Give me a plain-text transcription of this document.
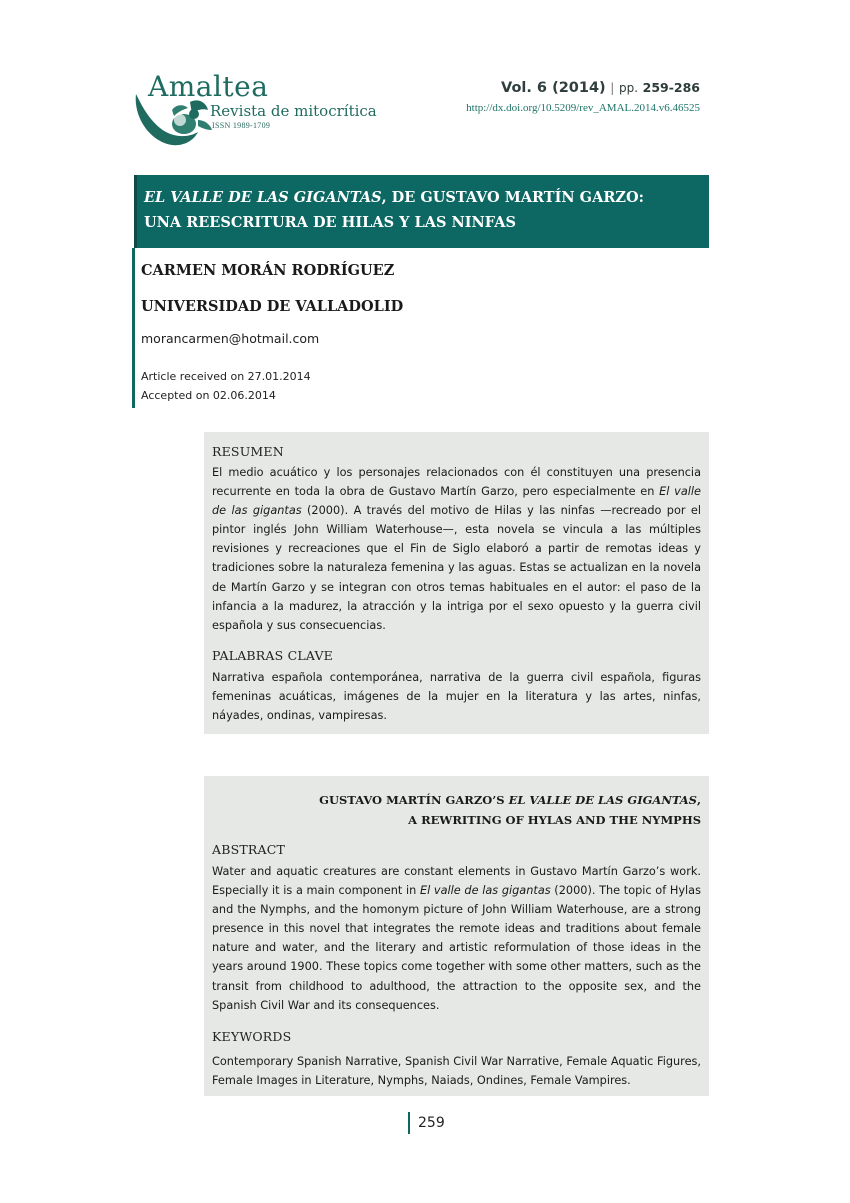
Amaltea
Revista de mitocrítica
ISSN 1989-1709
Vol. 6 (2014) | pp. 259-286
http://dx.doi.org/10.5209/rev_AMAL.2014.v6.46525
EL VALLE DE LAS GIGANTAS, DE GUSTAVO MARTÍN GARZO:
UNA REESCRITURA DE HILAS Y LAS NINFAS
CARMEN MORÁN RODRÍGUEZ
UNIVERSIDAD DE VALLADOLID
morancarmen@hotmail.com
Article received on 27.01.2014
Accepted on 02.06.2014
RESUMEN
El medio acuático y los personajes relacionados con él constituyen una presencia recurrente en toda la obra de Gustavo Martín Garzo, pero especialmente en El valle de las gigantas (2000). A través del motivo de Hilas y las ninfas —recreado por el pintor inglés John William Waterhouse—, esta novela se vincula a las múltiples revisiones y recreaciones que el Fin de Siglo elaboró a partir de remotas ideas y tradiciones sobre la naturaleza femenina y las aguas. Estas se actualizan en la novela de Martín Garzo y se integran con otros temas habituales en el autor: el paso de la infancia a la madurez, la atracción y la intriga por el sexo opuesto y la guerra civil española y sus consecuencias.
PALABRAS CLAVE
Narrativa española contemporánea, narrativa de la guerra civil española, figuras femeninas acuáticas, imágenes de la mujer en la literatura y las artes, ninfas, náyades, ondinas, vampiresas.
GUSTAVO MARTÍN GARZO’S EL VALLE DE LAS GIGANTAS,
A REWRITING OF HYLAS AND THE NYMPHS
ABSTRACT
Water and aquatic creatures are constant elements in Gustavo Martín Garzo’s work. Especially it is a main component in El valle de las gigantas (2000). The topic of Hylas and the Nymphs, and the homonym picture of John William Waterhouse, are a strong presence in this novel that integrates the remote ideas and traditions about female nature and water, and the literary and artistic reformulation of those ideas in the years around 1900. These topics come together with some other matters, such as the transit from childhood to adulthood, the attraction to the opposite sex, and the Spanish Civil War and its consequences.
KEYWORDS
Contemporary Spanish Narrative, Spanish Civil War Narrative, Female Aquatic Figures, Female Images in Literature, Nymphs, Naiads, Ondines, Female Vampires.
259
